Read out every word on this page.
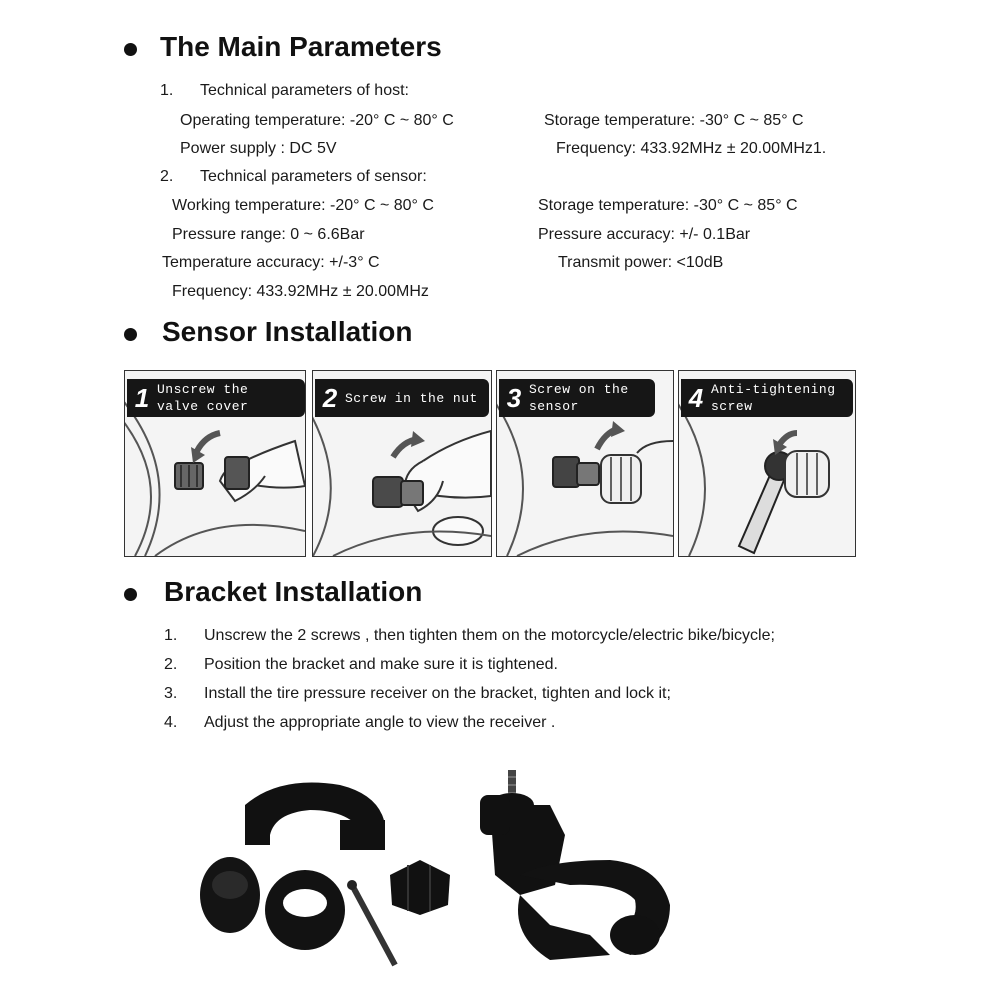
The Main Parameters
1. Technical parameters of host:
Operating temperature: -20° C ~ 80° C	Storage temperature: -30° C ~ 85° C
Power supply : DC 5V	Frequency: 433.92MHz ± 20.00MHz1.
2. Technical parameters of sensor:
Working temperature: -20° C ~ 80° C	Storage temperature: -30° C ~ 85° C
Pressure range: 0 ~ 6.6Bar	Pressure accuracy: +/- 0.1Bar
Temperature accuracy: +/-3° C	Transmit power: <10dB
Frequency: 433.92MHz ± 20.00MHz
Sensor Installation
1 Unscrew the
valve cover	2 Screw in the nut 3 Screw on the
sensor	4 Anti-tightening
screw
Bracket Installation
1. Unscrew the 2 screws , then tighten them on the motorcycle/electric bike/bicycle;
2. Position the bracket and make sure it is tightened.
3. Install the tire pressure receiver on the bracket, tighten and lock it;
4. Adjust the appropriate angle to view the receiver .
